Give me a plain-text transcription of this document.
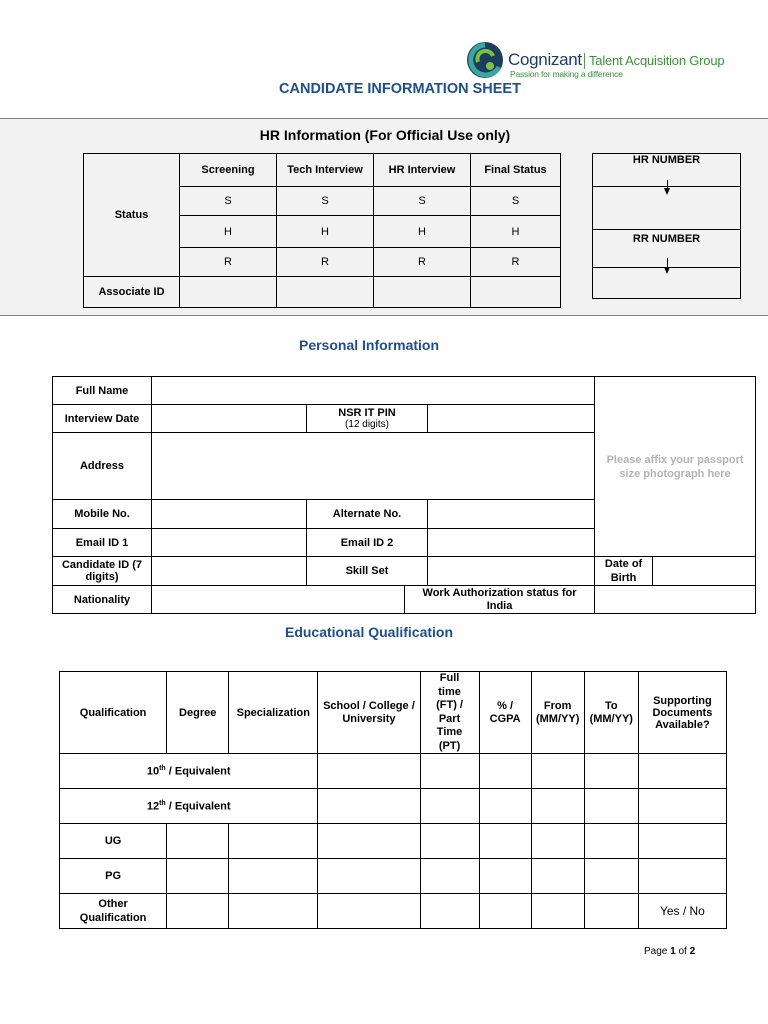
Cognizant Talent Acquisition Group
Passion for making a difference
CANDIDATE INFORMATION SHEET
HR Information (For Official Use only)
Status	Screening	Tech Interview	HR Interview	Final Status
	S	S	S	S
	H	H	H	H
	R	R	R	R
Associate ID				
HR NUMBER

RR NUMBER

Personal Information
Full Name					Please affix your passport size photograph here	
Interview Date		NSR IT PIN
(12 digits)				

Address						
Mobile No.		Alternate No.				
Email ID 1		Email ID 2				
Candidate ID (7 digits)		Skill Set			Date of Birth	
Nationality			Work Authorization status for India			
Educational Qualification
Qualification	Degree	Specialization	School / College / University	Full time (FT) / Part Time (PT)	% / CGPA	From (MM/YY)	To (MM/YY)	Supporting Documents Available?
10th / Equivalent								
12th / Equivalent								
UG								
PG								
Other Qualification								Yes / No
Page 1 of 2
